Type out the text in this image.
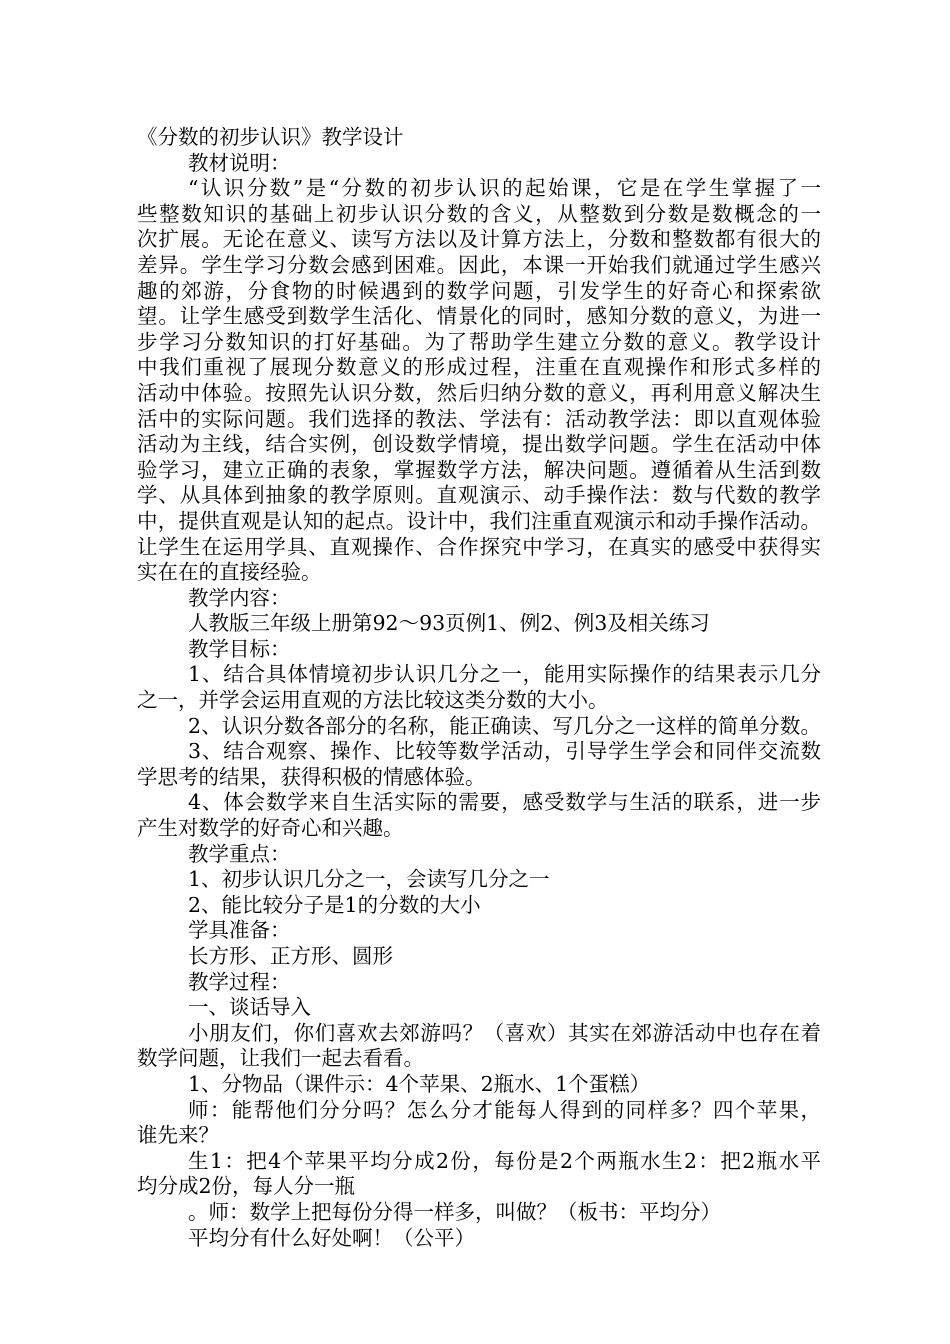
《分数的初步认识》教学设计
教材说明：
“认识分数”是“分数的初步认识的起始课，它是在学生掌握了一
些整数知识的基础上初步认识分数的含义，从整数到分数是数概念的一
次扩展。无论在意义、读写方法以及计算方法上，分数和整数都有很大的
差异。学生学习分数会感到困难。因此，本课一开始我们就通过学生感兴
趣的郊游，分食物的时候遇到的数学问题，引发学生的好奇心和探索欲
望。让学生感受到数学生活化、情景化的同时，感知分数的意义，为进一
步学习分数知识的打好基础。为了帮助学生建立分数的意义。教学设计
中我们重视了展现分数意义的形成过程，注重在直观操作和形式多样的
活动中体验。按照先认识分数，然后归纳分数的意义，再利用意义解决生
活中的实际问题。我们选择的教法、学法有：活动教学法：即以直观体验
活动为主线，结合实例，创设数学情境，提出数学问题。学生在活动中体
验学习，建立正确的表象，掌握数学方法，解决问题。遵循着从生活到数
学、从具体到抽象的教学原则。直观演示、动手操作法：数与代数的教学
中，提供直观是认知的起点。设计中，我们注重直观演示和动手操作活动。
让学生在运用学具、直观操作、合作探究中学习，在真实的感受中获得实
实在在的直接经验。
教学内容：
人教版三年级上册第92～93页例1、例2、例3及相关练习
教学目标：
1、结合具体情境初步认识几分之一，能用实际操作的结果表示几分
之一，并学会运用直观的方法比较这类分数的大小。
2、认识分数各部分的名称，能正确读、写几分之一这样的简单分数。
3、结合观察、操作、比较等数学活动，引导学生学会和同伴交流数
学思考的结果，获得积极的情感体验。
4、体会数学来自生活实际的需要，感受数学与生活的联系，进一步
产生对数学的好奇心和兴趣。
教学重点：
1、初步认识几分之一，会读写几分之一
2、能比较分子是1的分数的大小
学具准备：
长方形、正方形、圆形
教学过程：
一、谈话导入
小朋友们，你们喜欢去郊游吗？（喜欢）其实在郊游活动中也存在着
数学问题，让我们一起去看看。
1、分物品（课件示：4个苹果、2瓶水、1个蛋糕）
师：能帮他们分分吗？怎么分才能每人得到的同样多？四个苹果，
谁先来？
生1：把4个苹果平均分成2份，每份是2个两瓶水生2：把2瓶水平
均分成2份，每人分一瓶
。师：数学上把每份分得一样多，叫做？（板书：平均分）
平均分有什么好处啊！（公平）
